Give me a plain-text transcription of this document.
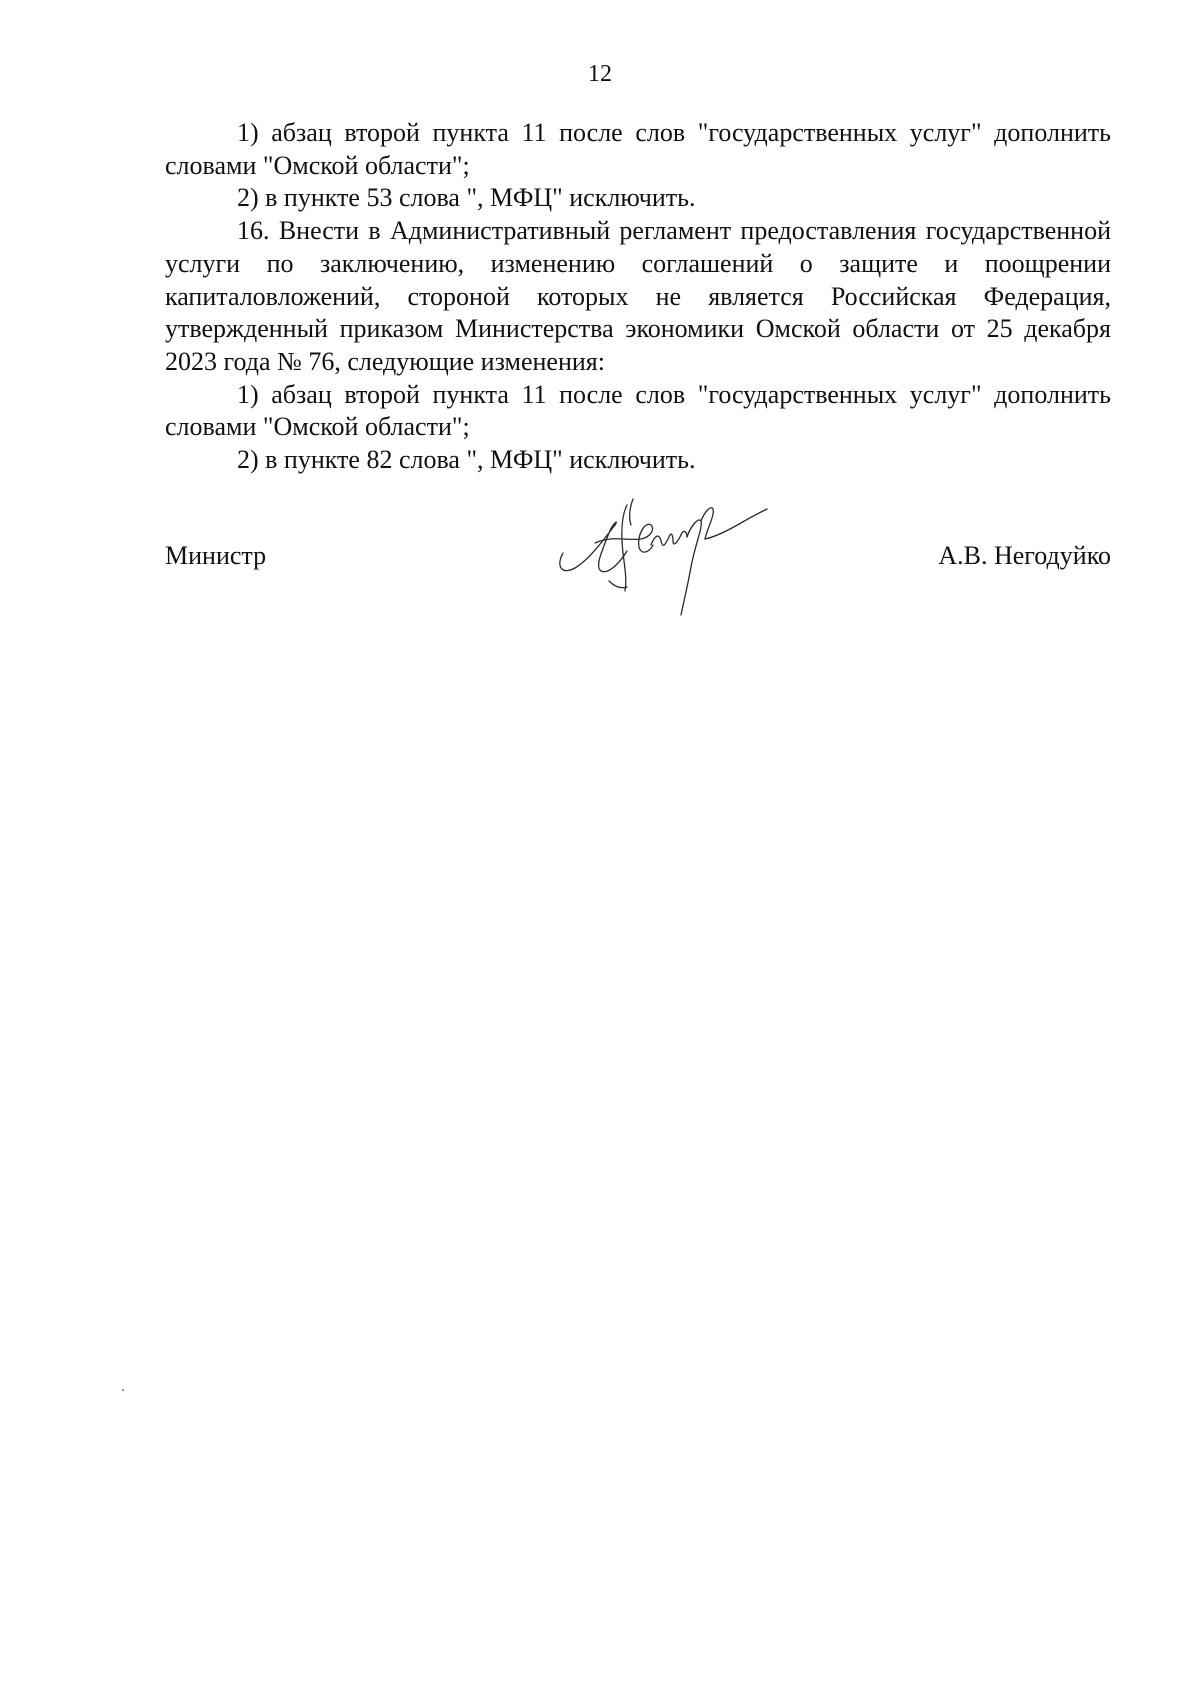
12

1) абзац второй пункта 11 после слов "государственных услуг" дополнить словами "Омской области";

2) в пункте 53 слова ", МФЦ" исключить.

16. Внести в Административный регламент предоставления государственной услуги по заключению, изменению соглашений о защите и поощрении капиталовложений, стороной которых не является Российская Федерация, утвержденный приказом Министерства экономики Омской области от 25 декабря 2023 года № 76, следующие изменения:

1) абзац второй пункта 11 после слов "государственных услуг" дополнить словами "Омской области";

2) в пункте 82 слова ", МФЦ" исключить.

Министр	А.В. Негодуйко
